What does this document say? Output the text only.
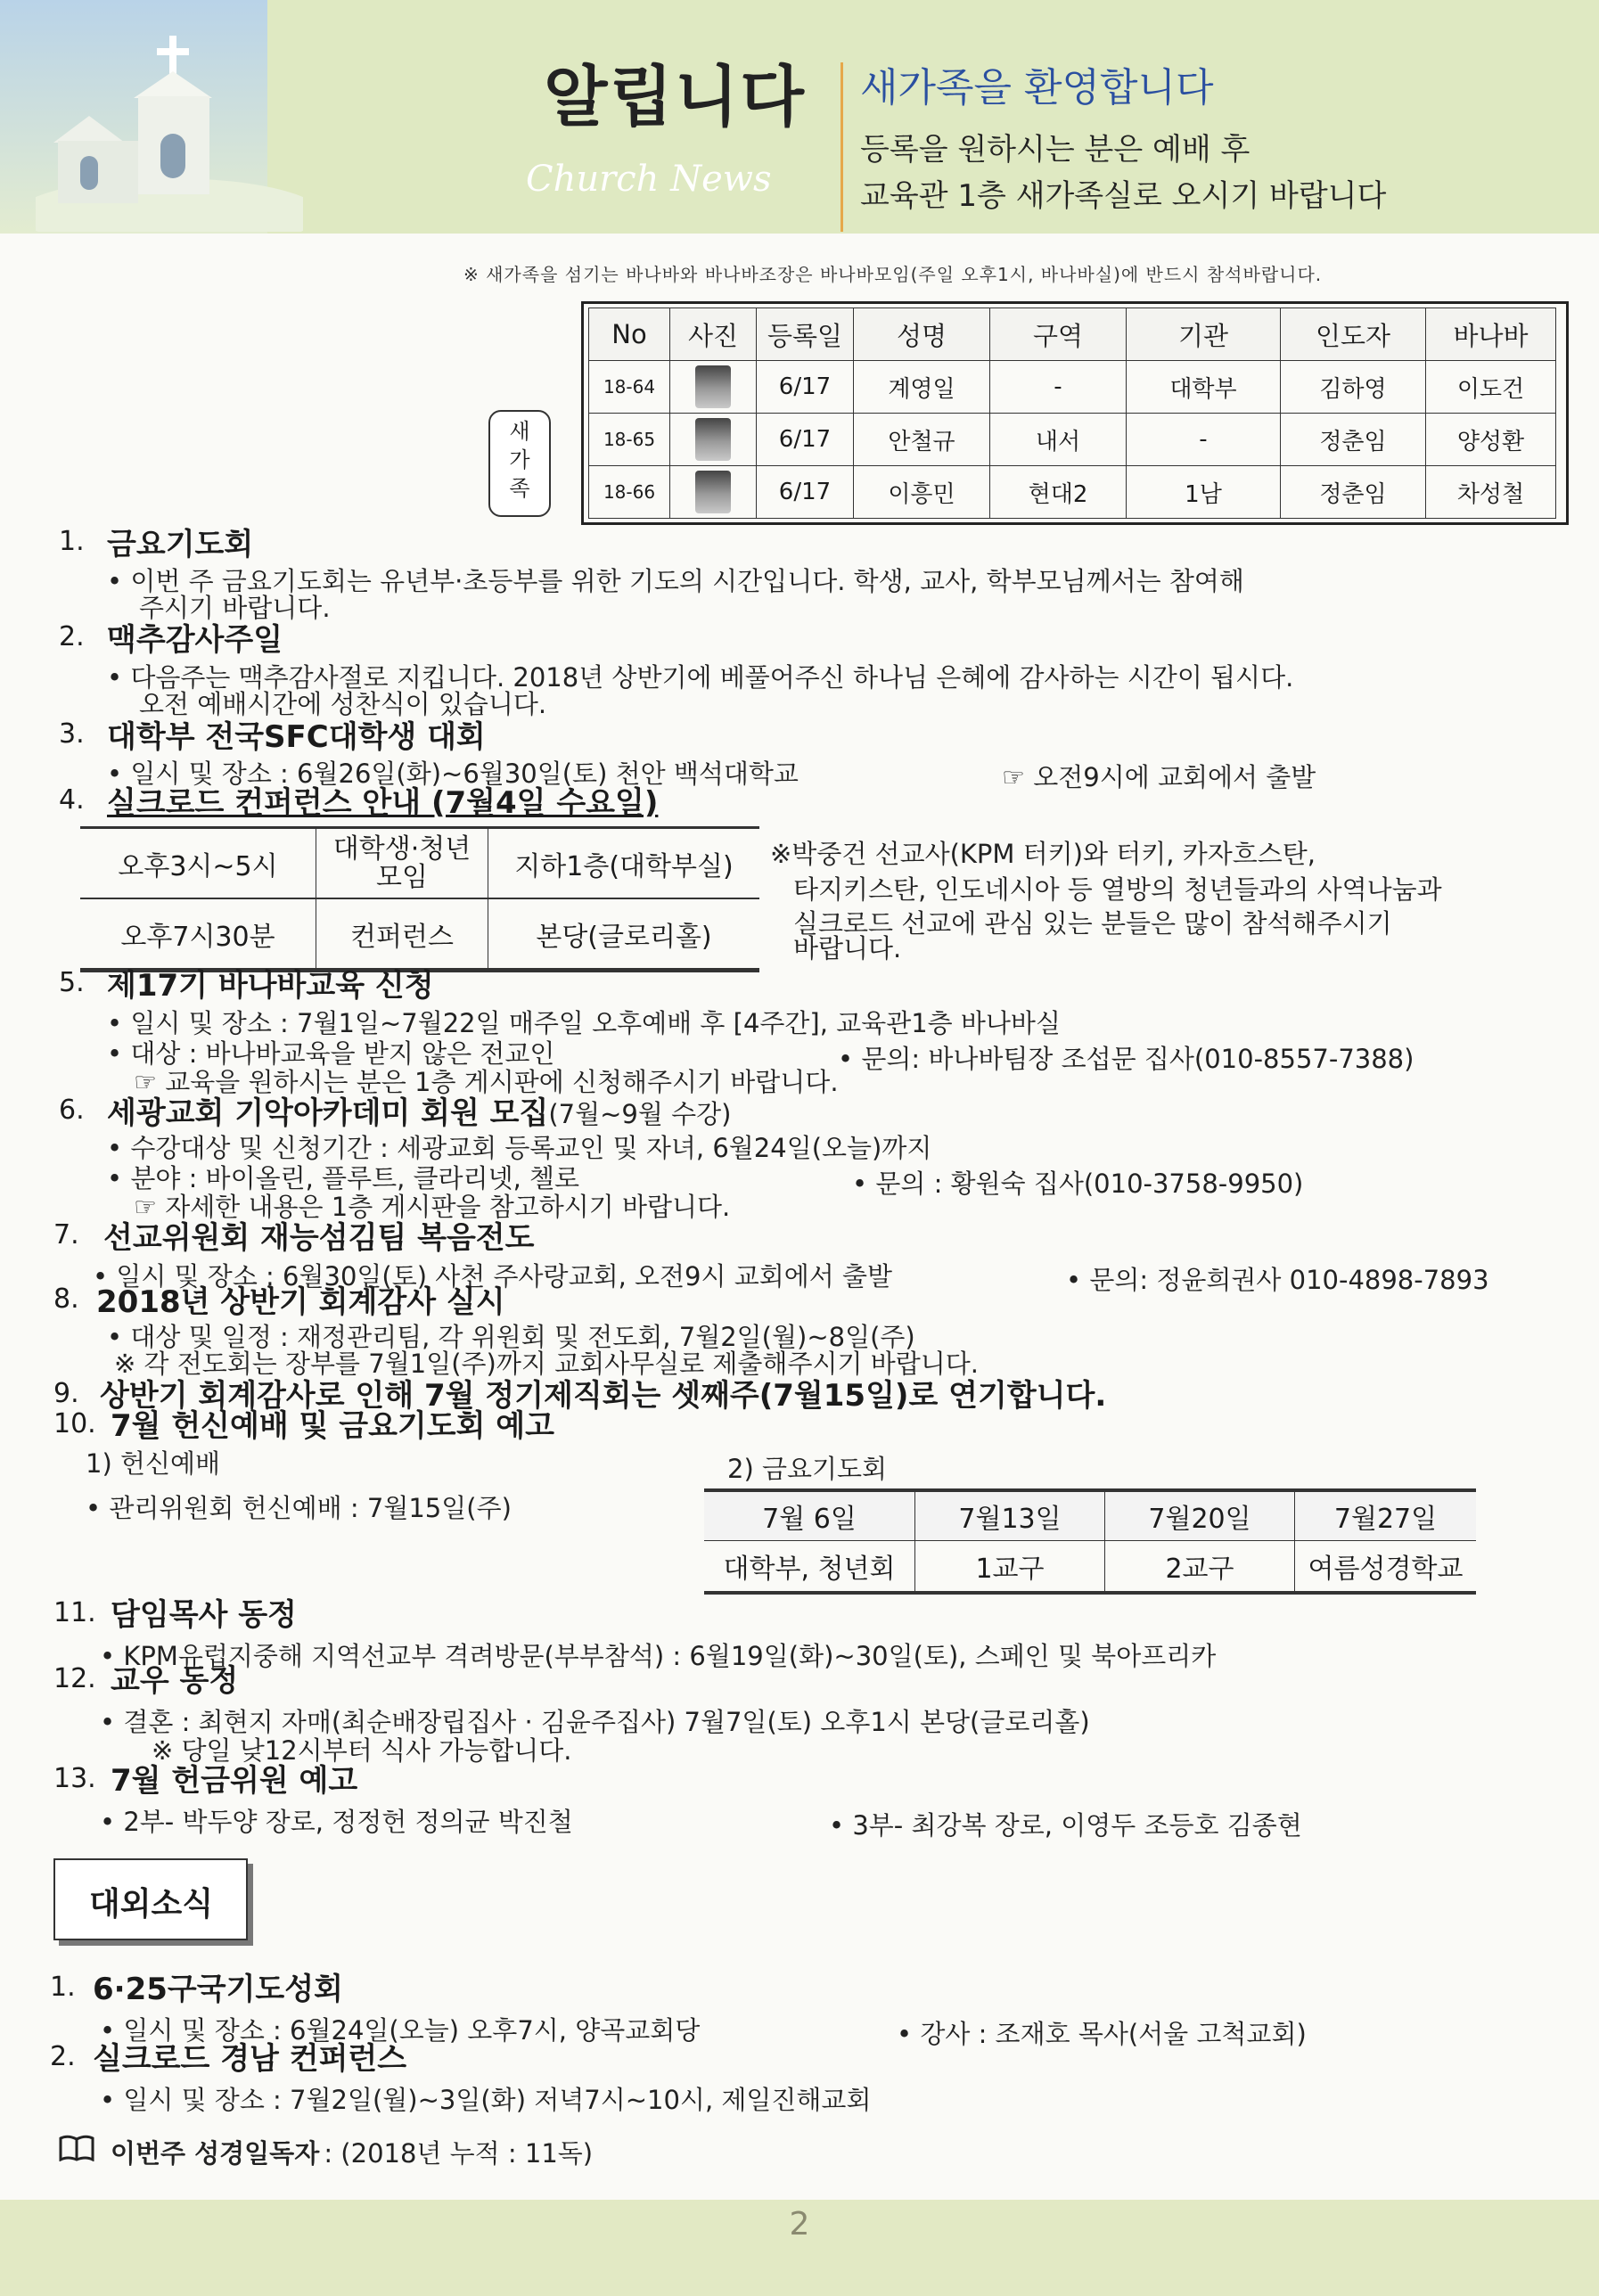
알립니다
Church News
새가족을 환영합니다
등록을 원하시는 분은 예배 후
교육관 1층 새가족실로 오시기 바랍니다
※ 새가족을 섬기는 바나바와 바나바조장은 바나바모임(주일 오후1시, 바나바실)에 반드시 참석바랍니다.
새
가
족
No	사진	등록일	성명	구역	기관	인도자	바나바
18-64		6/17	계영일	-	대학부	김하영	이도건
18-65		6/17	안철규	내서	-	정춘임	양성환
18-66		6/17	이흥민	현대2	1남	정춘임	차성철
1. 금요기도회
• 이번 주 금요기도회는 유년부·초등부를 위한 기도의 시간입니다. 학생, 교사, 학부모님께서는 참여해
주시기 바랍니다.
2. 맥추감사주일
• 다음주는 맥추감사절로 지킵니다. 2018년 상반기에 베풀어주신 하나님 은혜에 감사하는 시간이 됩시다.
오전 예배시간에 성찬식이 있습니다.
3. 대학부 전국SFC대학생 대회
• 일시 및 장소 : 6월26일(화)~6월30일(토) 천안 백석대학교	☞ 오전9시에 교회에서 출발
4. 실크로드 컨퍼런스 안내 (7월4일 수요일)
오후3시~5시	대학생·청년 모임	지하1층(대학부실)
오후7시30분	컨퍼런스	본당(글로리홀)
※박중건 선교사(KPM 터키)와 터키, 카자흐스탄,
타지키스탄, 인도네시아 등 열방의 청년들과의 사역나눔과
실크로드 선교에 관심 있는 분들은 많이 참석해주시기
바랍니다.
5. 제17기 바나바교육 신청
• 일시 및 장소 : 7월1일~7월22일 매주일 오후예배 후 [4주간], 교육관1층 바나바실
• 대상 : 바나바교육을 받지 않은 전교인	• 문의: 바나바팀장 조섭문 집사(010-8557-7388)
☞ 교육을 원하시는 분은 1층 게시판에 신청해주시기 바랍니다.
6. 세광교회 기악아카데미 회원 모집(7월~9월 수강)
• 수강대상 및 신청기간 : 세광교회 등록교인 및 자녀, 6월24일(오늘)까지
• 분야 : 바이올린, 플루트, 클라리넷, 첼로	• 문의 : 황원숙 집사(010-3758-9950)
☞ 자세한 내용은 1층 게시판을 참고하시기 바랍니다.
7. 선교위원회 재능섬김팀 복음전도
• 일시 및 장소 : 6월30일(토) 사천 주사랑교회, 오전9시 교회에서 출발	• 문의: 정윤희권사 010-4898-7893
8. 2018년 상반기 회계감사 실시
• 대상 및 일정 : 재정관리팀, 각 위원회 및 전도회, 7월2일(월)~8일(주)
※ 각 전도회는 장부를 7월1일(주)까지 교회사무실로 제출해주시기 바랍니다.
9. 상반기 회계감사로 인해 7월 정기제직회는 셋째주(7월15일)로 연기합니다.
10. 7월 헌신예배 및 금요기도회 예고
1) 헌신예배
• 관리위원회 헌신예배 : 7월15일(주)
2) 금요기도회
7월 6일	7월13일	7월20일	7월27일
대학부, 청년회	1교구	2교구	여름성경학교
11. 담임목사 동정
• KPM유럽지중해 지역선교부 격려방문(부부참석) : 6월19일(화)~30일(토), 스페인 및 북아프리카
12. 교우 동정
• 결혼 : 최현지 자매(최순배장립집사 · 김윤주집사) 7월7일(토) 오후1시 본당(글로리홀)
※ 당일 낮12시부터 식사 가능합니다.
13. 7월 헌금위원 예고
• 2부- 박두양 장로, 정정헌 정의균 박진철	• 3부- 최강복 장로, 이영두 조등호 김종현
대외소식
1. 6·25구국기도성회
• 일시 및 장소 : 6월24일(오늘) 오후7시, 양곡교회당	• 강사 : 조재호 목사(서울 고척교회)
2. 실크로드 경남 컨퍼런스
• 일시 및 장소 : 7월2일(월)~3일(화) 저녁7시~10시, 제일진해교회
이번주 성경일독자 : (2018년 누적 : 11독)
2
